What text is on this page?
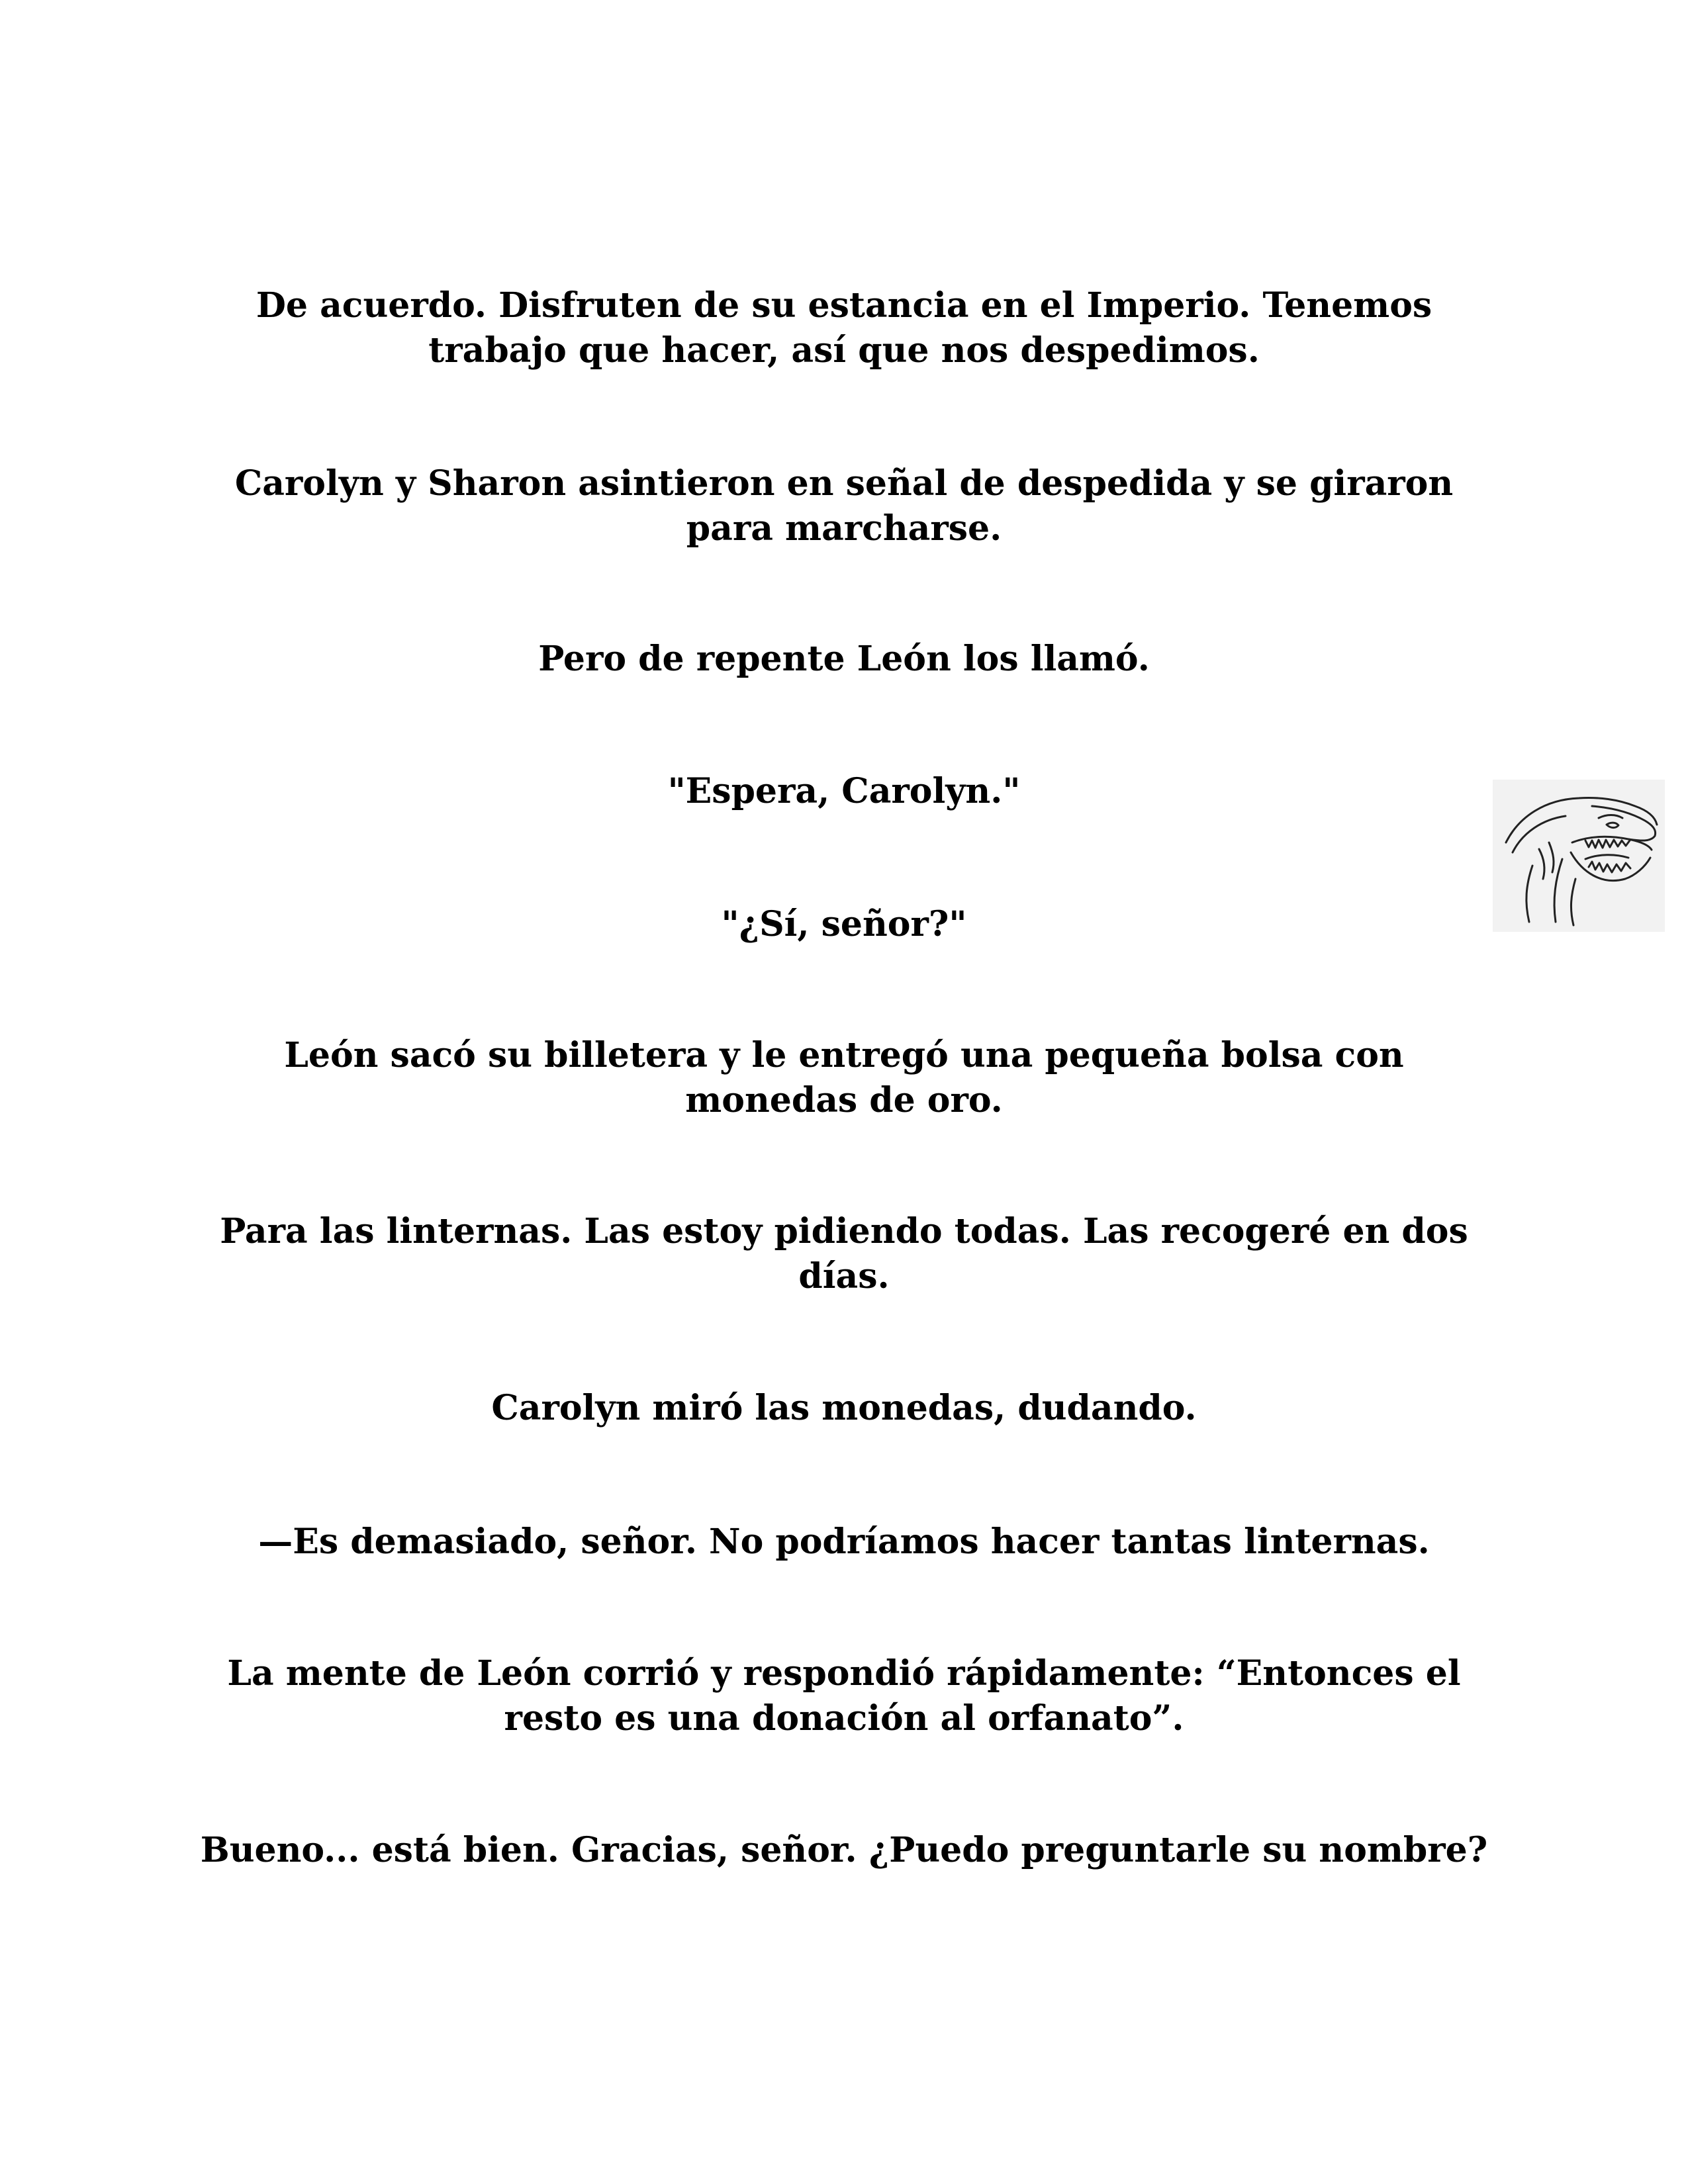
De acuerdo. Disfruten de su estancia en el Imperio. Tenemos trabajo que hacer, así que nos despedimos.

Carolyn y Sharon asintieron en señal de despedida y se giraron para marcharse.

Pero de repente León los llamó.

"Espera, Carolyn."

"¿Sí, señor?"

León sacó su billetera y le entregó una pequeña bolsa con monedas de oro.

Para las linternas. Las estoy pidiendo todas. Las recogeré en dos días.

Carolyn miró las monedas, dudando.

—Es demasiado, señor. No podríamos hacer tantas linternas.

La mente de León corrió y respondió rápidamente: “Entonces el resto es una donación al orfanato”.

Bueno... está bien. Gracias, señor. ¿Puedo preguntarle su nombre?
